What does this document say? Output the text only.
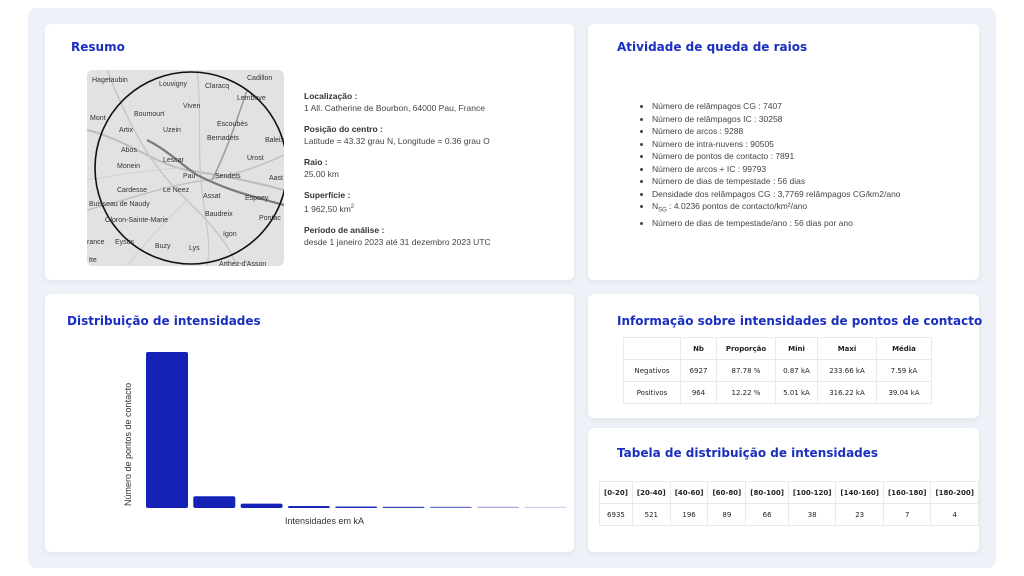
Resumo
Hagetaubin
Louvigny	Claracq
Cadillon
Viven
Lembeye
Boumourt
Escoubès
Mont
Artix	Uzein
Bernadets	Baleix
Abos
Lescar	Urost
Monein
Pau	Sendets	Aast
Cardesse Le Neez
Assat	Espoey
Buisseau de Naudy
Baudreix
Pontac
Oloron-Sainte-Marie
Igon
Eysus
Buzy	Lys
Arthez-d'Asson
rance
tte
Localização :
1 All. Catherine de Bourbon, 64000 Pau, France
Posição do centro :
Latitude = 43.32 grau N, Longitude = 0.36 grau O
Raio :
25.00 km
Superfície :
1 962,50 $km^2$
Período de análise :
desde 1 janeiro 2023 até 31 dezembro 2023 UTC
Atividade de queda de raios
• Número de relâmpagos CG : 7407
• Número de relâmpagos IC : 30258
• Número de arcos : 9288
• Número de intra-nuvens : 90505
• Número de pontos de contacto : 7891
• Número de arcos + IC : 99793
• Número de dias de tempestade : 56 dias
• Densidade dos relâmpagos CG : 3,7769 relâmpagos CG/km2/ano
• $N_{SG}$ : 4.0236 pontos de contacto/km²/ano
• Número de dias de tempestade/ano : 56 dias por ano
Distribuição de intensidades
Número de pontos de contacto
Intensidades em kA
Informação sobre intensidades de pontos de contacto
	Nb	Proporção	Mini	Maxi	Média
Negativos	6927	87.78 %	0.87 kA	233.66 kA	7.59 kA
Positivos	964	12.22 %	5.01 kA	316.22 kA	39.04 kA
Tabela de distribuição de intensidades
[0-20]	[20-40]	[40-60]	[60-80]	[80-100]	[100-120]	[140-160]	[160-180]	[180-200]
6935	521	196	89	66	38	23	7	4
